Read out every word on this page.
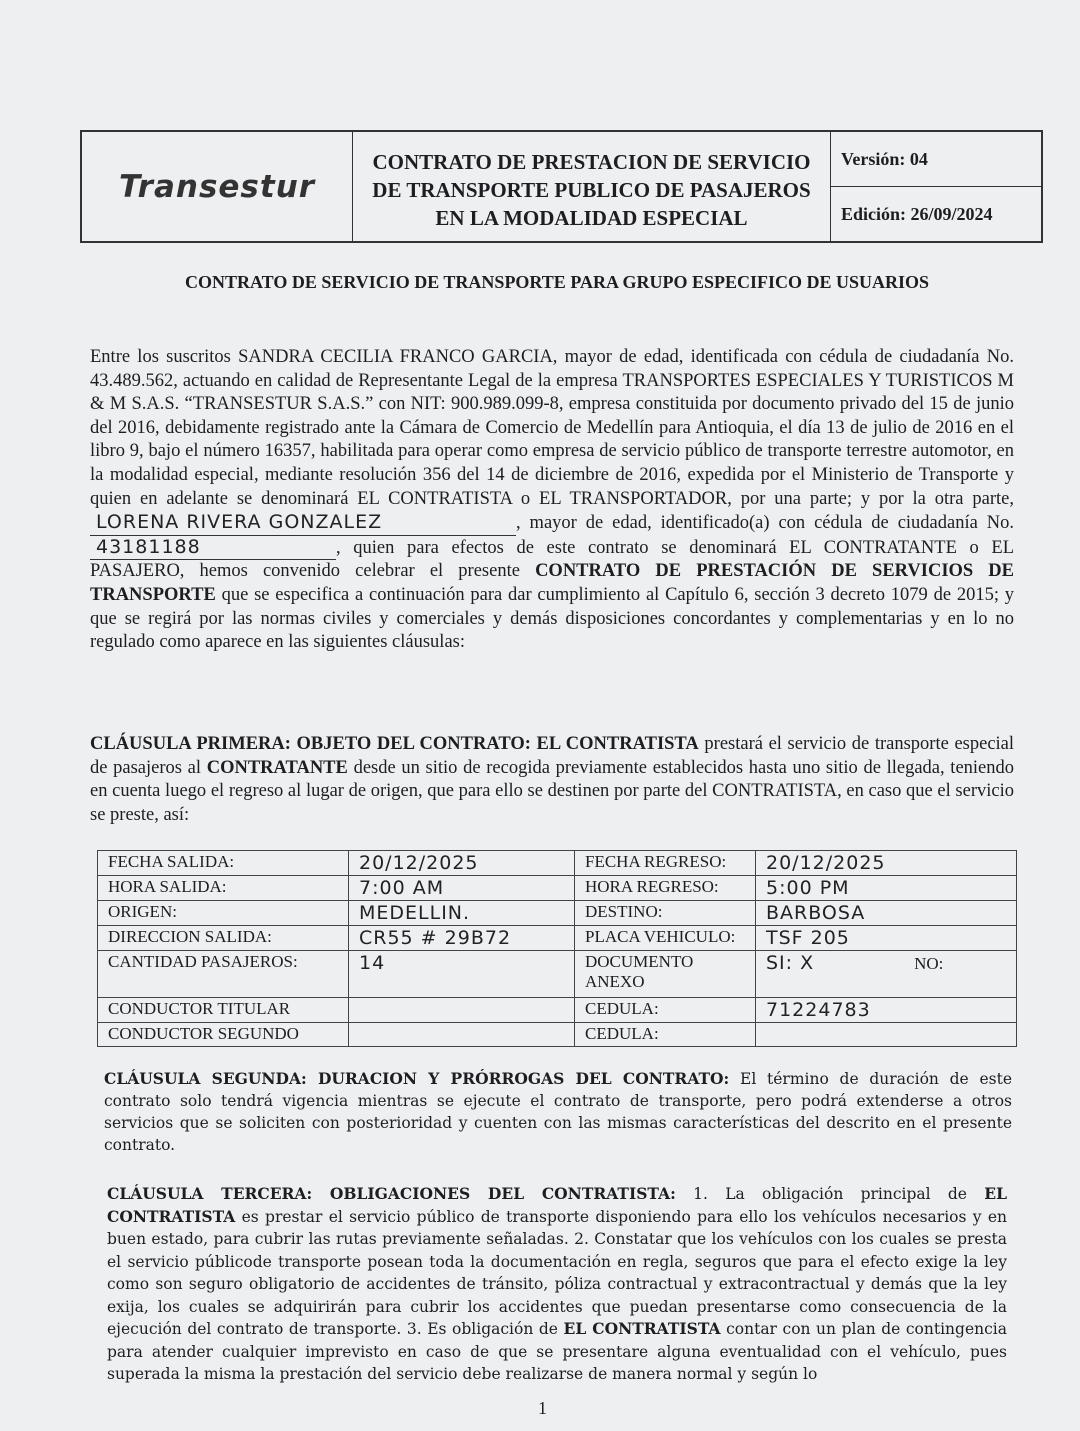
Transestur
CONTRATO DE PRESTACION DE SERVICIO
DE TRANSPORTE PUBLICO DE PASAJEROS
EN LA MODALIDAD ESPECIAL
Versión: 04
Edición: 26/09/2024
CONTRATO DE SERVICIO DE TRANSPORTE PARA GRUPO ESPECIFICO DE USUARIOS
Entre los suscritos SANDRA CECILIA FRANCO GARCIA, mayor de edad, identificada con cédula de ciudadanía No. 43.489.562, actuando en calidad de Representante Legal de la empresa TRANSPORTES ESPECIALES Y TURISTICOS M & M S.A.S. “TRANSESTUR S.A.S.” con NIT: 900.989.099-8, empresa constituida por documento privado del 15 de junio del 2016, debidamente registrado ante la Cámara de Comercio de Medellín para Antioquia, el día 13 de julio de 2016 en el libro 9, bajo el número 16357, habilitada para operar como empresa de servicio público de transporte terrestre automotor, en la modalidad especial, mediante resolución 356 del 14 de diciembre de 2016, expedida por el Ministerio de Transporte y quien en adelante se denominará EL CONTRATISTA o EL TRANSPORTADOR, por una parte; y por la otra parte, LORENA RIVERA GONZALEZ	, mayor de edad, identificado(a) con cédula de ciudadanía No. 43181188	, quien para efectos de este contrato se denominará EL CONTRATANTE o EL PASAJERO, hemos convenido celebrar el presente CONTRATO DE PRESTACIÓN DE SERVICIOS DE TRANSPORTE que se especifica a continuación para dar cumplimiento al Capítulo 6, sección 3 decreto 1079 de 2015; y que se regirá por las normas civiles y comerciales y demás disposiciones concordantes y complementarias y en lo no regulado como aparece en las siguientes cláusulas:
CLÁUSULA PRIMERA: OBJETO DEL CONTRATO: EL CONTRATISTA prestará el servicio de transporte especial de pasajeros al CONTRATANTE desde un sitio de recogida previamente establecidos hasta uno sitio de llegada, teniendo en cuenta luego el regreso al lugar de origen, que para ello se destinen por parte del CONTRATISTA, en caso que el servicio se preste, así:
FECHA SALIDA:	20/12/2025	FECHA REGRESO:	20/12/2025
HORA SALIDA:	7:00 AM	HORA REGRESO:	5:00 PM
ORIGEN:	MEDELLIN.	DESTINO:	BARBOSA
DIRECCION SALIDA:	CR55 # 29B72	PLACA VEHICULO:	TSF 205
CANTIDAD PASAJEROS:	14	DOCUMENTO ANEXO	SI: X NO:
CONDUCTOR TITULAR		CEDULA:	71224783
CONDUCTOR SEGUNDO		CEDULA:	
CLÁUSULA SEGUNDA: DURACION Y PRÓRROGAS DEL CONTRATO: El término de duración de este contrato solo tendrá vigencia mientras se ejecute el contrato de transporte, pero podrá extenderse a otros servicios que se soliciten con posterioridad y cuenten con las mismas características del descrito en el presente contrato.
CLÁUSULA TERCERA: OBLIGACIONES DEL CONTRATISTA: 1. La obligación principal de EL CONTRATISTA es prestar el servicio público de transporte disponiendo para ello los vehículos necesarios y en buen estado, para cubrir las rutas previamente señaladas. 2. Constatar que los vehículos con los cuales se presta el servicio públicode transporte posean toda la documentación en regla, seguros que para el efecto exige la ley como son seguro obligatorio de accidentes de tránsito, póliza contractual y extracontractual y demás que la ley exija, los cuales se adquirirán para cubrir los accidentes que puedan presentarse como consecuencia de la ejecución del contrato de transporte. 3. Es obligación de EL CONTRATISTA contar con un plan de contingencia para atender cualquier imprevisto en caso de que se presentare alguna eventualidad con el vehículo, pues superada la misma la prestación del servicio debe realizarse de manera normal y según lo
1
